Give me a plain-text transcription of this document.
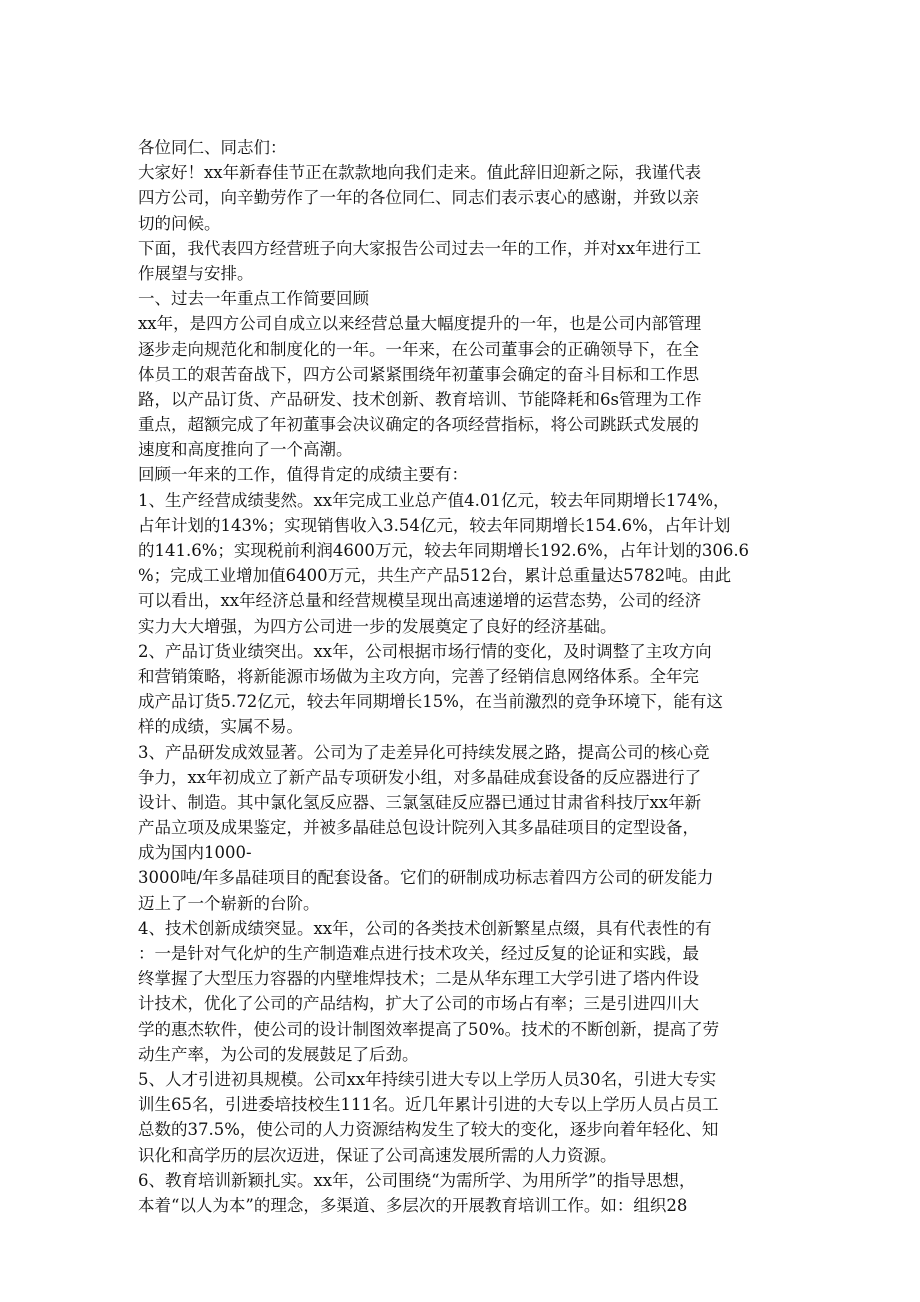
各位同仁、同志们：
大家好！xx年新春佳节正在款款地向我们走来。值此辞旧迎新之际，我谨代表
四方公司，向辛勤劳作了一年的各位同仁、同志们表示衷心的感谢，并致以亲
切的问候。
下面，我代表四方经营班子向大家报告公司过去一年的工作，并对xx年进行工
作展望与安排。
一、过去一年重点工作简要回顾
xx年，是四方公司自成立以来经营总量大幅度提升的一年，也是公司内部管理
逐步走向规范化和制度化的一年。一年来，在公司董事会的正确领导下，在全
体员工的艰苦奋战下，四方公司紧紧围绕年初董事会确定的奋斗目标和工作思
路，以产品订货、产品研发、技术创新、教育培训、节能降耗和6s管理为工作
重点，超额完成了年初董事会决议确定的各项经营指标，将公司跳跃式发展的
速度和高度推向了一个高潮。
回顾一年来的工作，值得肯定的成绩主要有：
1、生产经营成绩斐然。xx年完成工业总产值4.01亿元，较去年同期增长174%，
占年计划的143%；实现销售收入3.54亿元，较去年同期增长154.6%，占年计划
的141.6%；实现税前利润4600万元，较去年同期增长192.6%，占年计划的306.6
%；完成工业增加值6400万元，共生产产品512台，累计总重量达5782吨。由此
可以看出，xx年经济总量和经营规模呈现出高速递增的运营态势，公司的经济
实力大大增强，为四方公司进一步的发展奠定了良好的经济基础。
2、产品订货业绩突出。xx年，公司根据市场行情的变化，及时调整了主攻方向
和营销策略，将新能源市场做为主攻方向，完善了经销信息网络体系。全年完
成产品订货5.72亿元，较去年同期增长15%，在当前激烈的竞争环境下，能有这
样的成绩，实属不易。
3、产品研发成效显著。公司为了走差异化可持续发展之路，提高公司的核心竞
争力，xx年初成立了新产品专项研发小组，对多晶硅成套设备的反应器进行了
设计、制造。其中氯化氢反应器、三氯氢硅反应器已通过甘肃省科技厅xx年新
产品立项及成果鉴定，并被多晶硅总包设计院列入其多晶硅项目的定型设备，
成为国内1000-
3000吨/年多晶硅项目的配套设备。它们的研制成功标志着四方公司的研发能力
迈上了一个崭新的台阶。
4、技术创新成绩突显。xx年，公司的各类技术创新繁星点缀，具有代表性的有
：一是针对气化炉的生产制造难点进行技术攻关，经过反复的论证和实践，最
终掌握了大型压力容器的内壁堆焊技术；二是从华东理工大学引进了塔内件设
计技术，优化了公司的产品结构，扩大了公司的市场占有率；三是引进四川大
学的惠杰软件，使公司的设计制图效率提高了50%。技术的不断创新，提高了劳
动生产率，为公司的发展鼓足了后劲。
5、人才引进初具规模。公司xx年持续引进大专以上学历人员30名，引进大专实
训生65名，引进委培技校生111名。近几年累计引进的大专以上学历人员占员工
总数的37.5%，使公司的人力资源结构发生了较大的变化，逐步向着年轻化、知
识化和高学历的层次迈进，保证了公司高速发展所需的人力资源。
6、教育培训新颖扎实。xx年，公司围绕“为需所学、为用所学”的指导思想，
本着“以人为本”的理念，多渠道、多层次的开展教育培训工作。如：组织28
